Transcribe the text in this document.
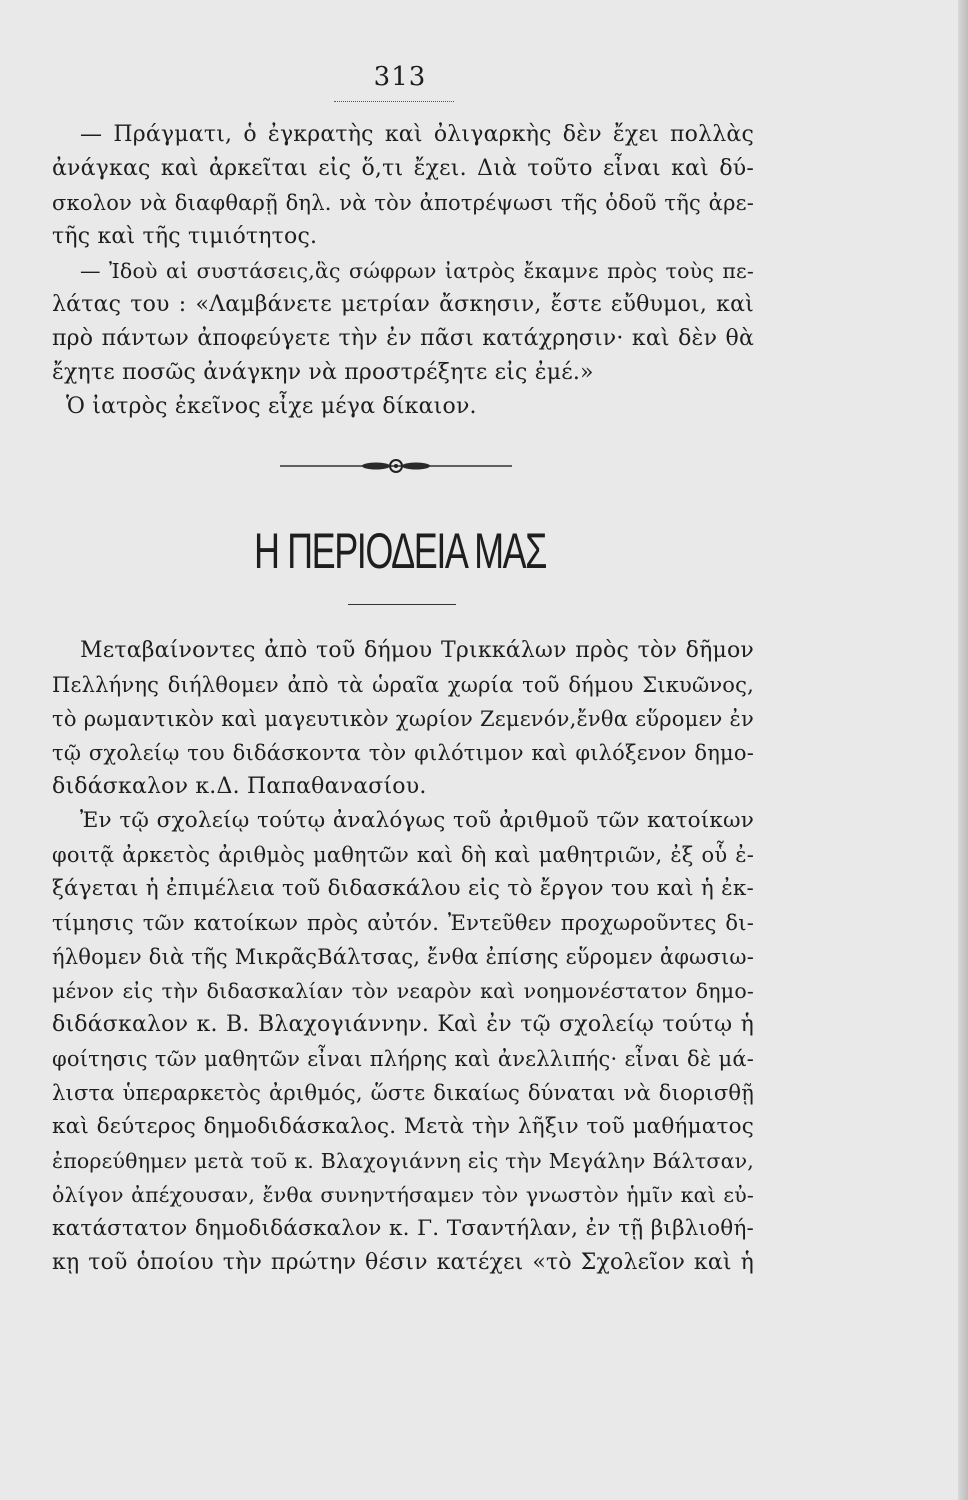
313
— Πράγματι, ὁ ἐγκρατὴς καὶ ὀλιγαρκὴς δὲν ἔχει πολλὰς
ἀνάγκας καὶ ἀρκεῖται εἰς ὅ,τι ἔχει. Διὰ τοῦτο εἶναι καὶ δύ-
σκολον νὰ διαφθαρῇ δηλ. νὰ τὸν ἀποτρέψωσι τῆς ὁδοῦ τῆς ἀρε-
τῆς καὶ τῆς τιμιότητος.
— Ἰδοὺ αἱ συστάσεις,ἃς σώφρων ἰατρὸς ἔκαμνε πρὸς τοὺς πε-
λάτας του : «Λαμβάνετε μετρίαν ἄσκησιν, ἔστε εὔθυμοι, καὶ
πρὸ πάντων ἀποφεύγετε τὴν ἐν πᾶσι κατάχρησιν· καὶ δὲν θὰ
ἔχητε ποσῶς ἀνάγκην νὰ προστρέξητε εἰς ἐμέ.»
Ὁ ἰατρὸς ἐκεῖνος εἶχε μέγα δίκαιον.
Η ΠΕΡΙΟΔΕΙΑ ΜΑΣ
Μεταβαίνοντες ἀπὸ τοῦ δήμου Τρικκάλων πρὸς τὸν δῆμον
Πελλήνης διήλθομεν ἀπὸ τὰ ὡραῖα χωρία τοῦ δήμου Σικυῶνος,
τὸ ρωμαντικὸν καὶ μαγευτικὸν χωρίον Ζεμενόν,ἔνθα εὕρομεν ἐν
τῷ σχολείῳ του διδάσκοντα τὸν φιλότιμον καὶ φιλόξενον δημο-
διδάσκαλον κ.Δ. Παπαθανασίου.
Ἐν τῷ σχολείῳ τούτῳ ἀναλόγως τοῦ ἀριθμοῦ τῶν κατοίκων
φοιτᾷ ἀρκετὸς ἀριθμὸς μαθητῶν καὶ δὴ καὶ μαθητριῶν, ἐξ οὗ ἐ-
ξάγεται ἡ ἐπιμέλεια τοῦ διδασκάλου εἰς τὸ ἔργον του καὶ ἡ ἐκ-
τίμησις τῶν κατοίκων πρὸς αὐτόν. Ἐντεῦθεν προχωροῦντες δι-
ήλθομεν διὰ τῆς ΜικρᾶςΒάλτσας, ἔνθα ἐπίσης εὕρομεν ἀφωσιω-
μένον εἰς τὴν διδασκαλίαν τὸν νεαρὸν καὶ νοημονέστατον δημο-
διδάσκαλον κ. Β. Βλαχογιάννην. Καὶ ἐν τῷ σχολείῳ τούτῳ ἡ
φοίτησις τῶν μαθητῶν εἶναι πλήρης καὶ ἀνελλιπής· εἶναι δὲ μά-
λιστα ὑπεραρκετὸς ἀριθμός, ὥστε δικαίως δύναται νὰ διορισθῇ
καὶ δεύτερος δημοδιδάσκαλος. Μετὰ τὴν λῆξιν τοῦ μαθήματος
ἐπορεύθημεν μετὰ τοῦ κ. Βλαχογιάννη εἰς τὴν Μεγάλην Βάλτσαν,
ὀλίγον ἀπέχουσαν, ἔνθα συνηντήσαμεν τὸν γνωστὸν ἡμῖν καὶ εὐ-
κατάστατον δημοδιδάσκαλον κ. Γ. Τσαντήλαν, ἐν τῇ βιβλιοθή-
κῃ τοῦ ὁποίου τὴν πρώτην θέσιν κατέχει «τὸ Σχολεῖον καὶ ἡ
